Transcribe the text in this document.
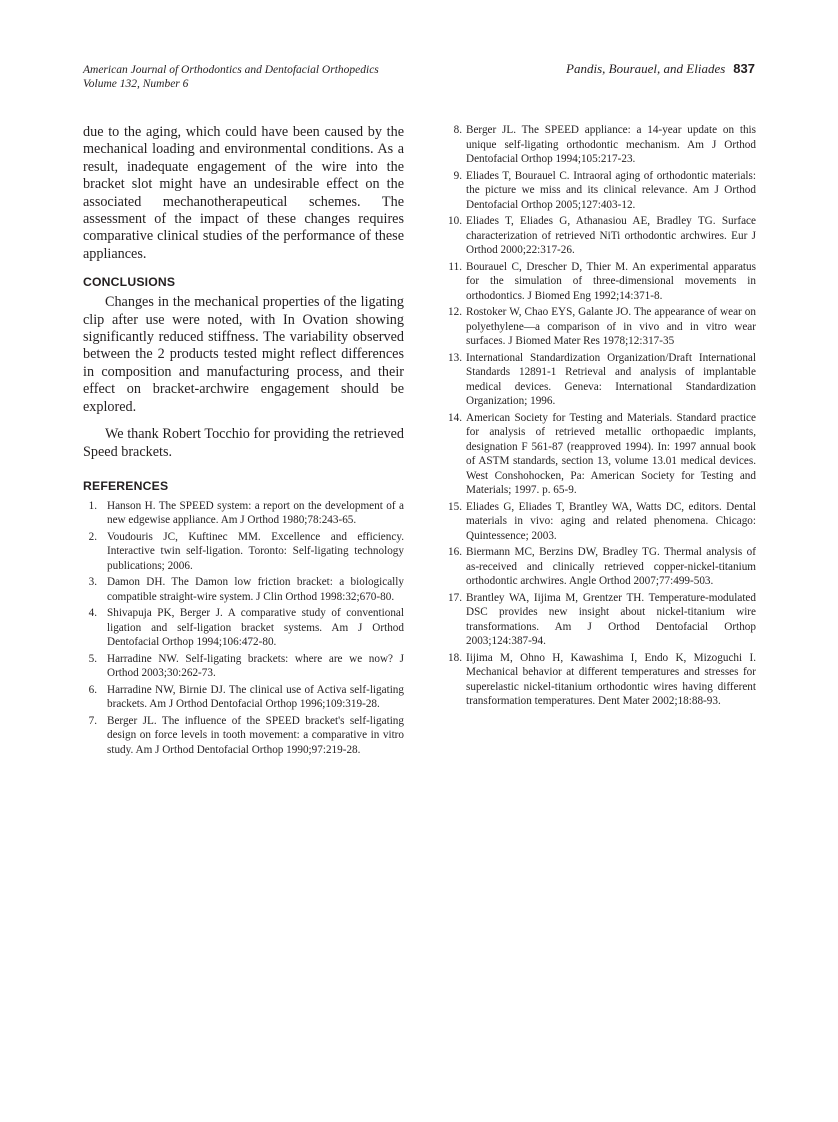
American Journal of Orthodontics and Dentofacial Orthopedics
Volume 132, Number 6
Pandis, Bourauel, and Eliades 837

due to the aging, which could have been caused by the mechanical loading and environmental conditions. As a result, inadequate engagement of the wire into the bracket slot might have an undesirable effect on the associated mechanotherapeutical schemes. The assessment of the impact of these changes requires comparative clinical studies of the performance of these appliances.

CONCLUSIONS

Changes in the mechanical properties of the ligating clip after use were noted, with In Ovation showing significantly reduced stiffness. The variability observed between the 2 products tested might reflect differences in composition and manufacturing process, and their effect on bracket-archwire engagement should be explored.

We thank Robert Tocchio for providing the retrieved Speed brackets.

REFERENCES
1. Hanson H. The SPEED system: a report on the development of a new edgewise appliance. Am J Orthod 1980;78:243-65.
2. Voudouris JC, Kuftinec MM. Excellence and efficiency. Interactive twin self-ligation. Toronto: Self-ligating technology publications; 2006.
3. Damon DH. The Damon low friction bracket: a biologically compatible straight-wire system. J Clin Orthod 1998:32;670-80.
4. Shivapuja PK, Berger J. A comparative study of conventional ligation and self-ligation bracket systems. Am J Orthod Dentofacial Orthop 1994;106:472-80.
5. Harradine NW. Self-ligating brackets: where are we now? J Orthod 2003;30:262-73.
6. Harradine NW, Birnie DJ. The clinical use of Activa self-ligating brackets. Am J Orthod Dentofacial Orthop 1996;109:319-28.
7. Berger JL. The influence of the SPEED bracket's self-ligating design on force levels in tooth movement: a comparative in vitro study. Am J Orthod Dentofacial Orthop 1990;97:219-28.
8. Berger JL. The SPEED appliance: a 14-year update on this unique self-ligating orthodontic mechanism. Am J Orthod Dentofacial Orthop 1994;105:217-23.
9. Eliades T, Bourauel C. Intraoral aging of orthodontic materials: the picture we miss and its clinical relevance. Am J Orthod Dentofacial Orthop 2005;127:403-12.
10. Eliades T, Eliades G, Athanasiou AE, Bradley TG. Surface characterization of retrieved NiTi orthodontic archwires. Eur J Orthod 2000;22:317-26.
11. Bourauel C, Drescher D, Thier M. An experimental apparatus for the simulation of three-dimensional movements in orthodontics. J Biomed Eng 1992;14:371-8.
12. Rostoker W, Chao EYS, Galante JO. The appearance of wear on polyethylene—a comparison of in vivo and in vitro wear surfaces. J Biomed Mater Res 1978;12:317-35
13. International Standardization Organization/Draft International Standards 12891-1 Retrieval and analysis of implantable medical devices. Geneva: International Standardization Organization; 1996.
14. American Society for Testing and Materials. Standard practice for analysis of retrieved metallic orthopaedic implants, designation F 561-87 (reapproved 1994). In: 1997 annual book of ASTM standards, section 13, volume 13.01 medical devices. West Conshohocken, Pa: American Society for Testing and Materials; 1997. p. 65-9.
15. Eliades G, Eliades T, Brantley WA, Watts DC, editors. Dental materials in vivo: aging and related phenomena. Chicago: Quintessence; 2003.
16. Biermann MC, Berzins DW, Bradley TG. Thermal analysis of as-received and clinically retrieved copper-nickel-titanium orthodontic archwires. Angle Orthod 2007;77:499-503.
17. Brantley WA, Iijima M, Grentzer TH. Temperature-modulated DSC provides new insight about nickel-titanium wire transformations. Am J Orthod Dentofacial Orthop 2003;124:387-94.
18. Iijima M, Ohno H, Kawashima I, Endo K, Mizoguchi I. Mechanical behavior at different temperatures and stresses for superelastic nickel-titanium orthodontic wires having different transformation temperatures. Dent Mater 2002;18:88-93.
